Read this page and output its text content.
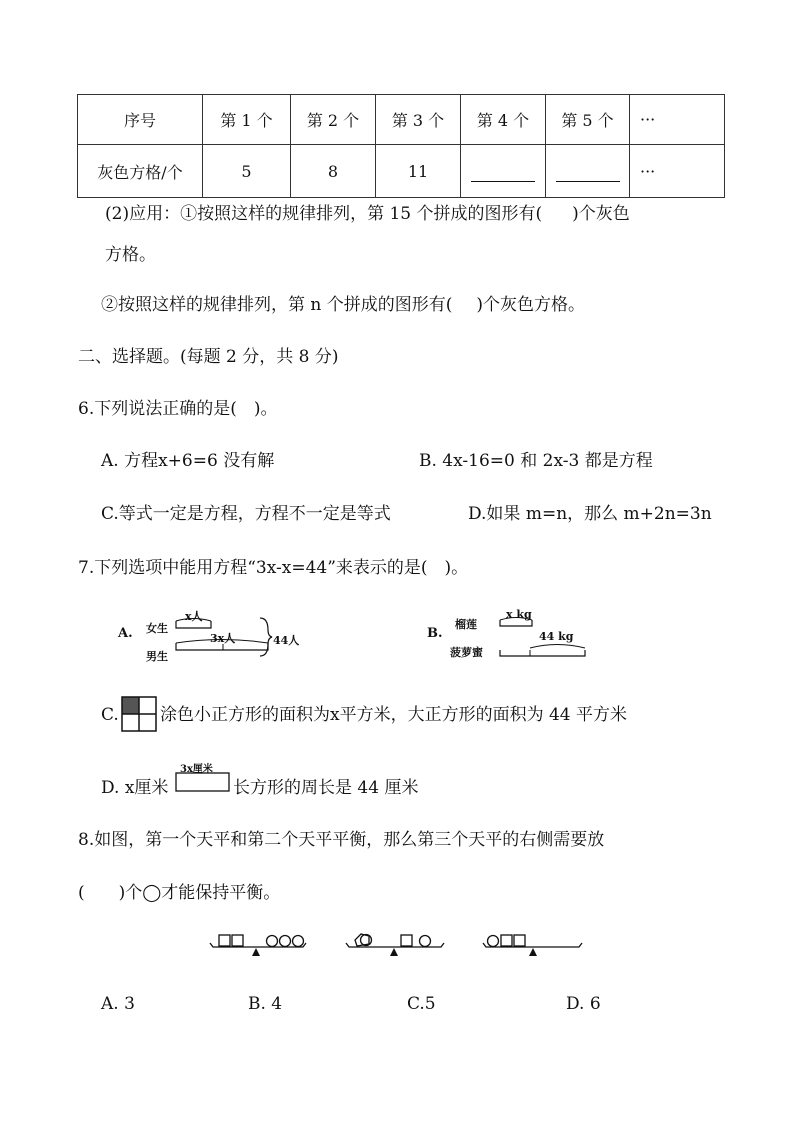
序号	第 1 个	第 2 个	第 3 个	第 4 个	第 5 个	···
灰色方格/个	5	8	11			···
(2)应用：①按照这样的规律排列，第 15 个拼成的图形有( )个灰色
方格。
②按照这样的规律排列，第 n 个拼成的图形有( )个灰色方格。
二、选择题。(每题 2 分，共 8 分)
6.下列说法正确的是(　)。
A. 方程x+6=6 没有解	B. 4x-16=0 和 2x-3 都是方程
C.等式一定是方程，方程不一定是等式	D.如果 m=n，那么 m+2n=3n
7.下列选项中能用方程“3x-x=44”来表示的是(　)。
A. 女生
男生
x人
3x人	44人	B.
榴莲
菠萝蜜
x kg
44 kg
C. 涂色小正方形的面积为x平方米，大正方形的面积为 44 平方米
D. x厘米
3x厘米
长方形的周长是 44 厘米
8.如图，第一个天平和第二个天平平衡，那么第三个天平的右侧需要放
(　　)个◯才能保持平衡。
A. 3	B. 4	C.5	D. 6
